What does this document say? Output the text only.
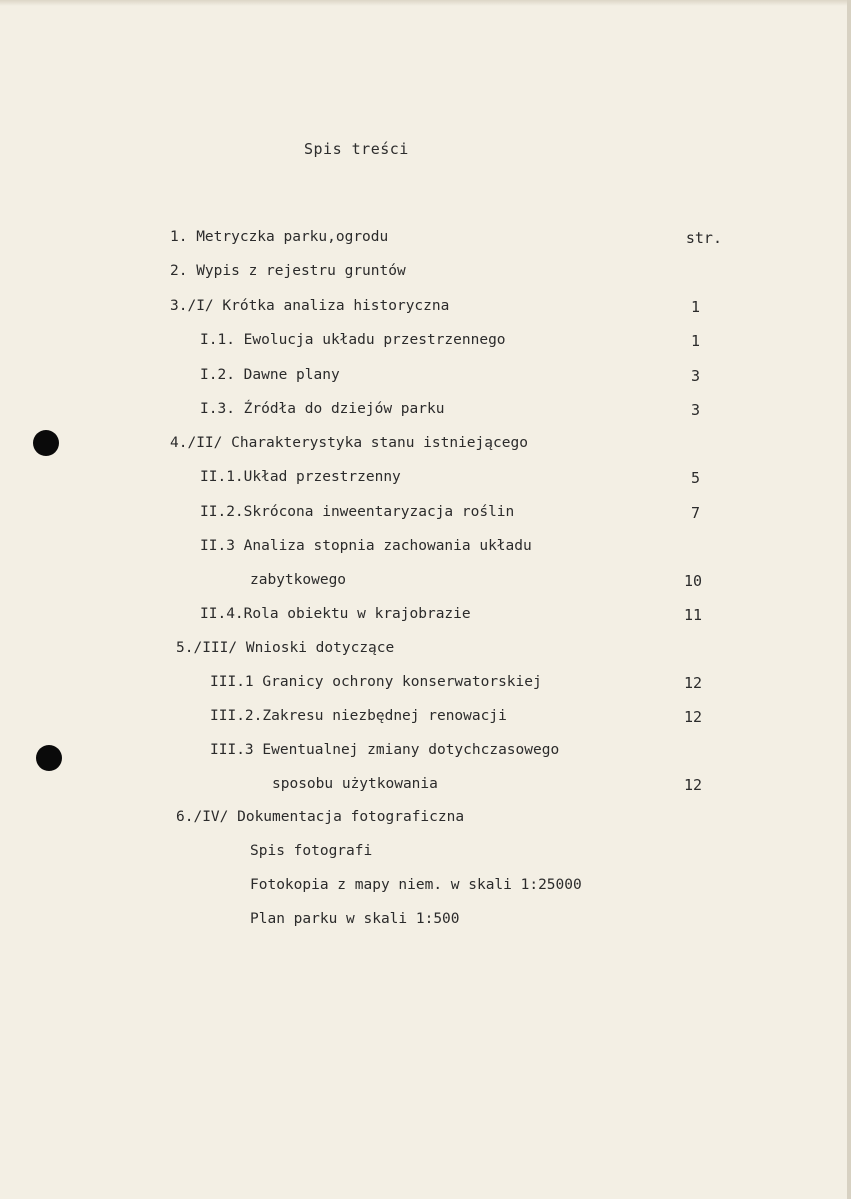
Spis treści
1. Metryczka parku,ogrodu	str.
2. Wypis z rejestru gruntów
3./I/ Krótka analiza historyczna	1
I.1. Ewolucja układu przestrzennego	1
I.2. Dawne plany	3
I.3. Źródła do dziejów parku	3
4./II/ Charakterystyka stanu istniejącego
II.1.Układ przestrzenny	5
II.2.Skrócona inweentaryzacja roślin	7
II.3 Analiza stopnia zachowania układu
zabytkowego	10
II.4.Rola obiektu w krajobrazie	11
5./III/ Wnioski dotyczące
III.1 Granicy ochrony konserwatorskiej	12
III.2.Zakresu niezbędnej renowacji	12
III.3 Ewentualnej zmiany dotychczasowego
sposobu użytkowania	12
6./IV/ Dokumentacja fotograficzna
Spis fotografi
Fotokopia z mapy niem. w skali 1:25000
Plan parku w skali 1:500
